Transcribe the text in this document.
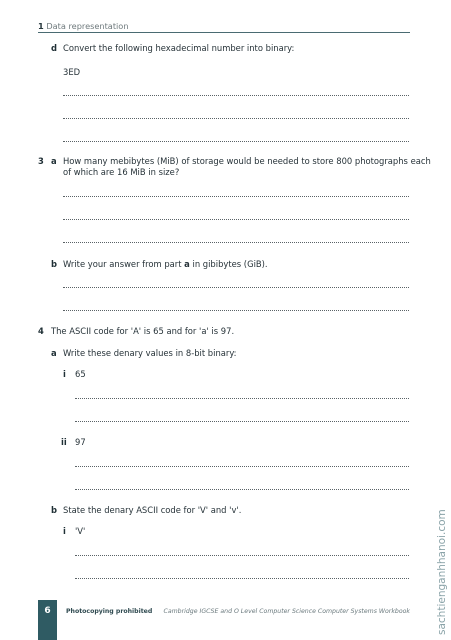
1 Data representation
d Convert the following hexadecimal number into binary:
3ED
3 a How many mebibytes (MiB) of storage would be needed to store 800 photographs each
of which are 16 MiB in size?
b Write your answer from part a in gibibytes (GiB).
4 The ASCII code for 'A' is 65 and for 'a' is 97.
a Write these denary values in 8-bit binary:
i 65
ii 97
b State the denary ASCII code for 'V' and 'v'.
i 'V'
6	Photocopying prohibited Cambridge IGCSE and O Level Computer Science Computer Systems Workbook sachtienganhhanoi.com
